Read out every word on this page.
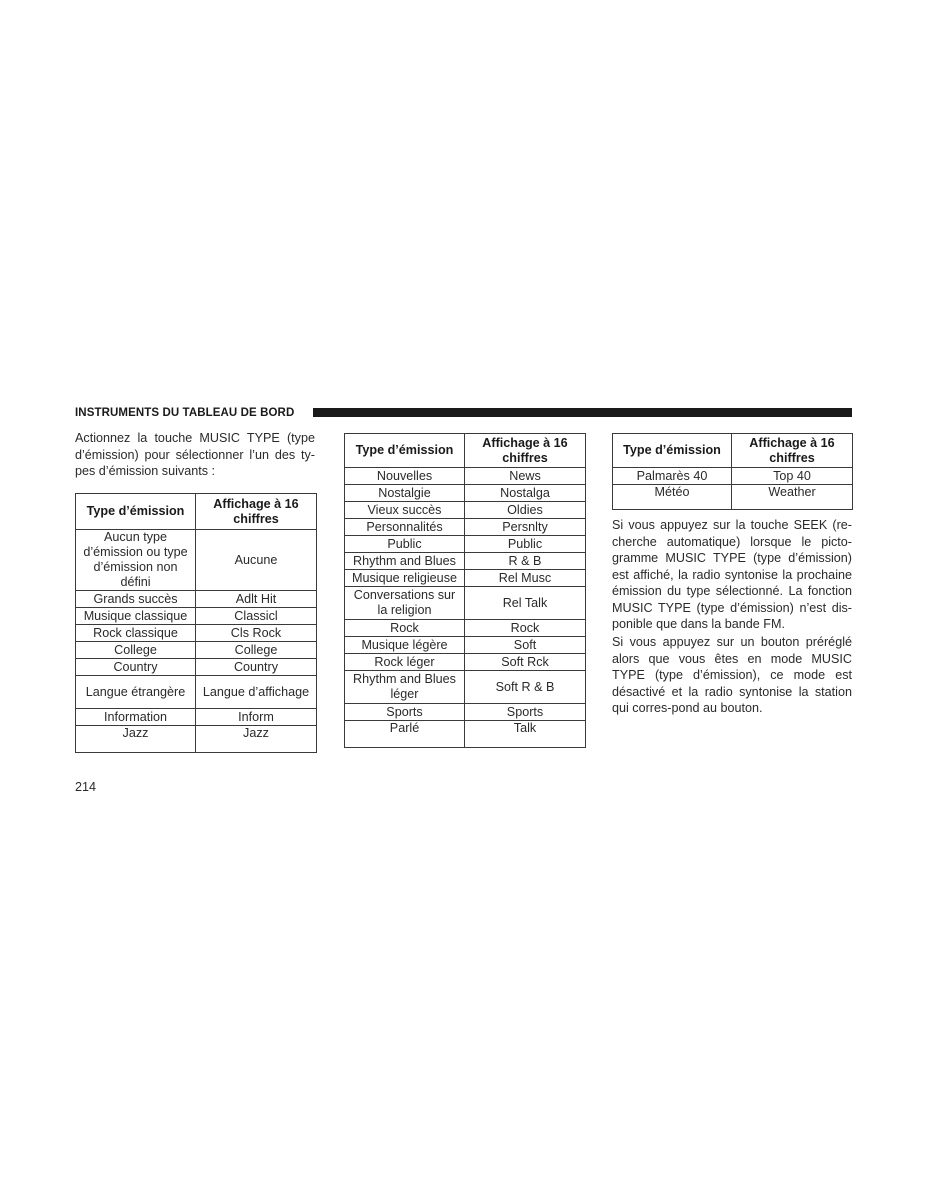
INSTRUMENTS DU TABLEAU DE BORD

Actionnez la touche MUSIC TYPE (type d’émission) pour sélectionner l’un des ty-pes d’émission suivants :

Type d’émission	Affichage à 16 chiffres
Aucun type d’émission ou type d’émission non défini	Aucune
Grands succès	Adlt Hit
Musique classique	Classicl
Rock classique	Cls Rock
College	College
Country	Country
Langue étrangère	Langue d’affichage
Information	Inform
Jazz	Jazz
Type d’émission	Affichage à 16 chiffres
Nouvelles	News
Nostalgie	Nostalga
Vieux succès	Oldies
Personnalités	Persnlty
Public	Public
Rhythm and Blues	R & B
Musique religieuse	Rel Musc
Conversations sur la religion	Rel Talk
Rock	Rock
Musique légère	Soft
Rock léger	Soft Rck
Rhythm and Blues léger	Soft R & B
Sports	Sports
Parlé	Talk
Type d’émission	Affichage à 16 chiffres
Palmarès 40	Top 40
Météo	Weather

Si vous appuyez sur la touche SEEK (re-cherche automatique) lorsque le picto-gramme MUSIC TYPE (type d’émission) est affiché, la radio syntonise la prochaine émission du type sélectionné. La fonction MUSIC TYPE (type d’émission) n’est dis-ponible que dans la bande FM.

Si vous appuyez sur un bouton préréglé alors que vous êtes en mode MUSIC TYPE (type d’émission), ce mode est désactivé et la radio syntonise la station qui corres-pond au bouton.

214
